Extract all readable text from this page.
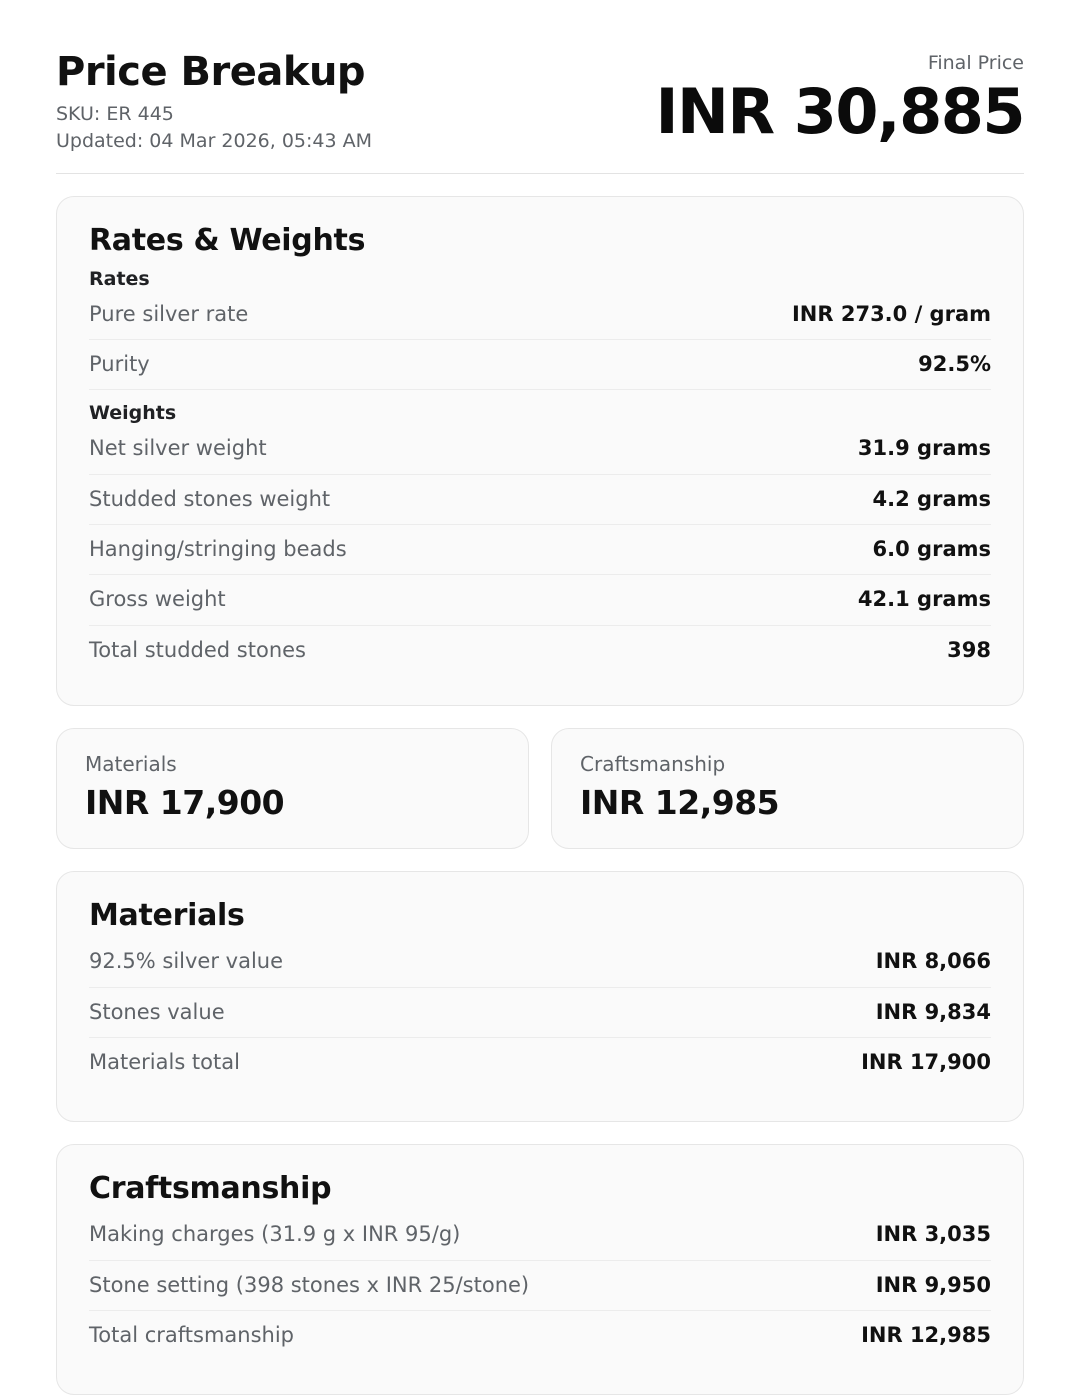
Price Breakup
SKU: ER 445
Updated: 04 Mar 2026, 05:43 AM
Final Price
INR 30,885
Rates & Weights
Rates
Pure silver rate	INR 273.0 / gram
Purity	92.5%
Weights
Net silver weight	31.9 grams
Studded stones weight	4.2 grams
Hanging/stringing beads	6.0 grams
Gross weight	42.1 grams
Total studded stones	398
Materials
INR 17,900
Craftsmanship
INR 12,985
Materials
92.5% silver value	INR 8,066
Stones value	INR 9,834
Materials total	INR 17,900
Craftsmanship
Making charges (31.9 g x INR 95/g)	INR 3,035
Stone setting (398 stones x INR 25/stone)	INR 9,950
Total craftsmanship	INR 12,985
